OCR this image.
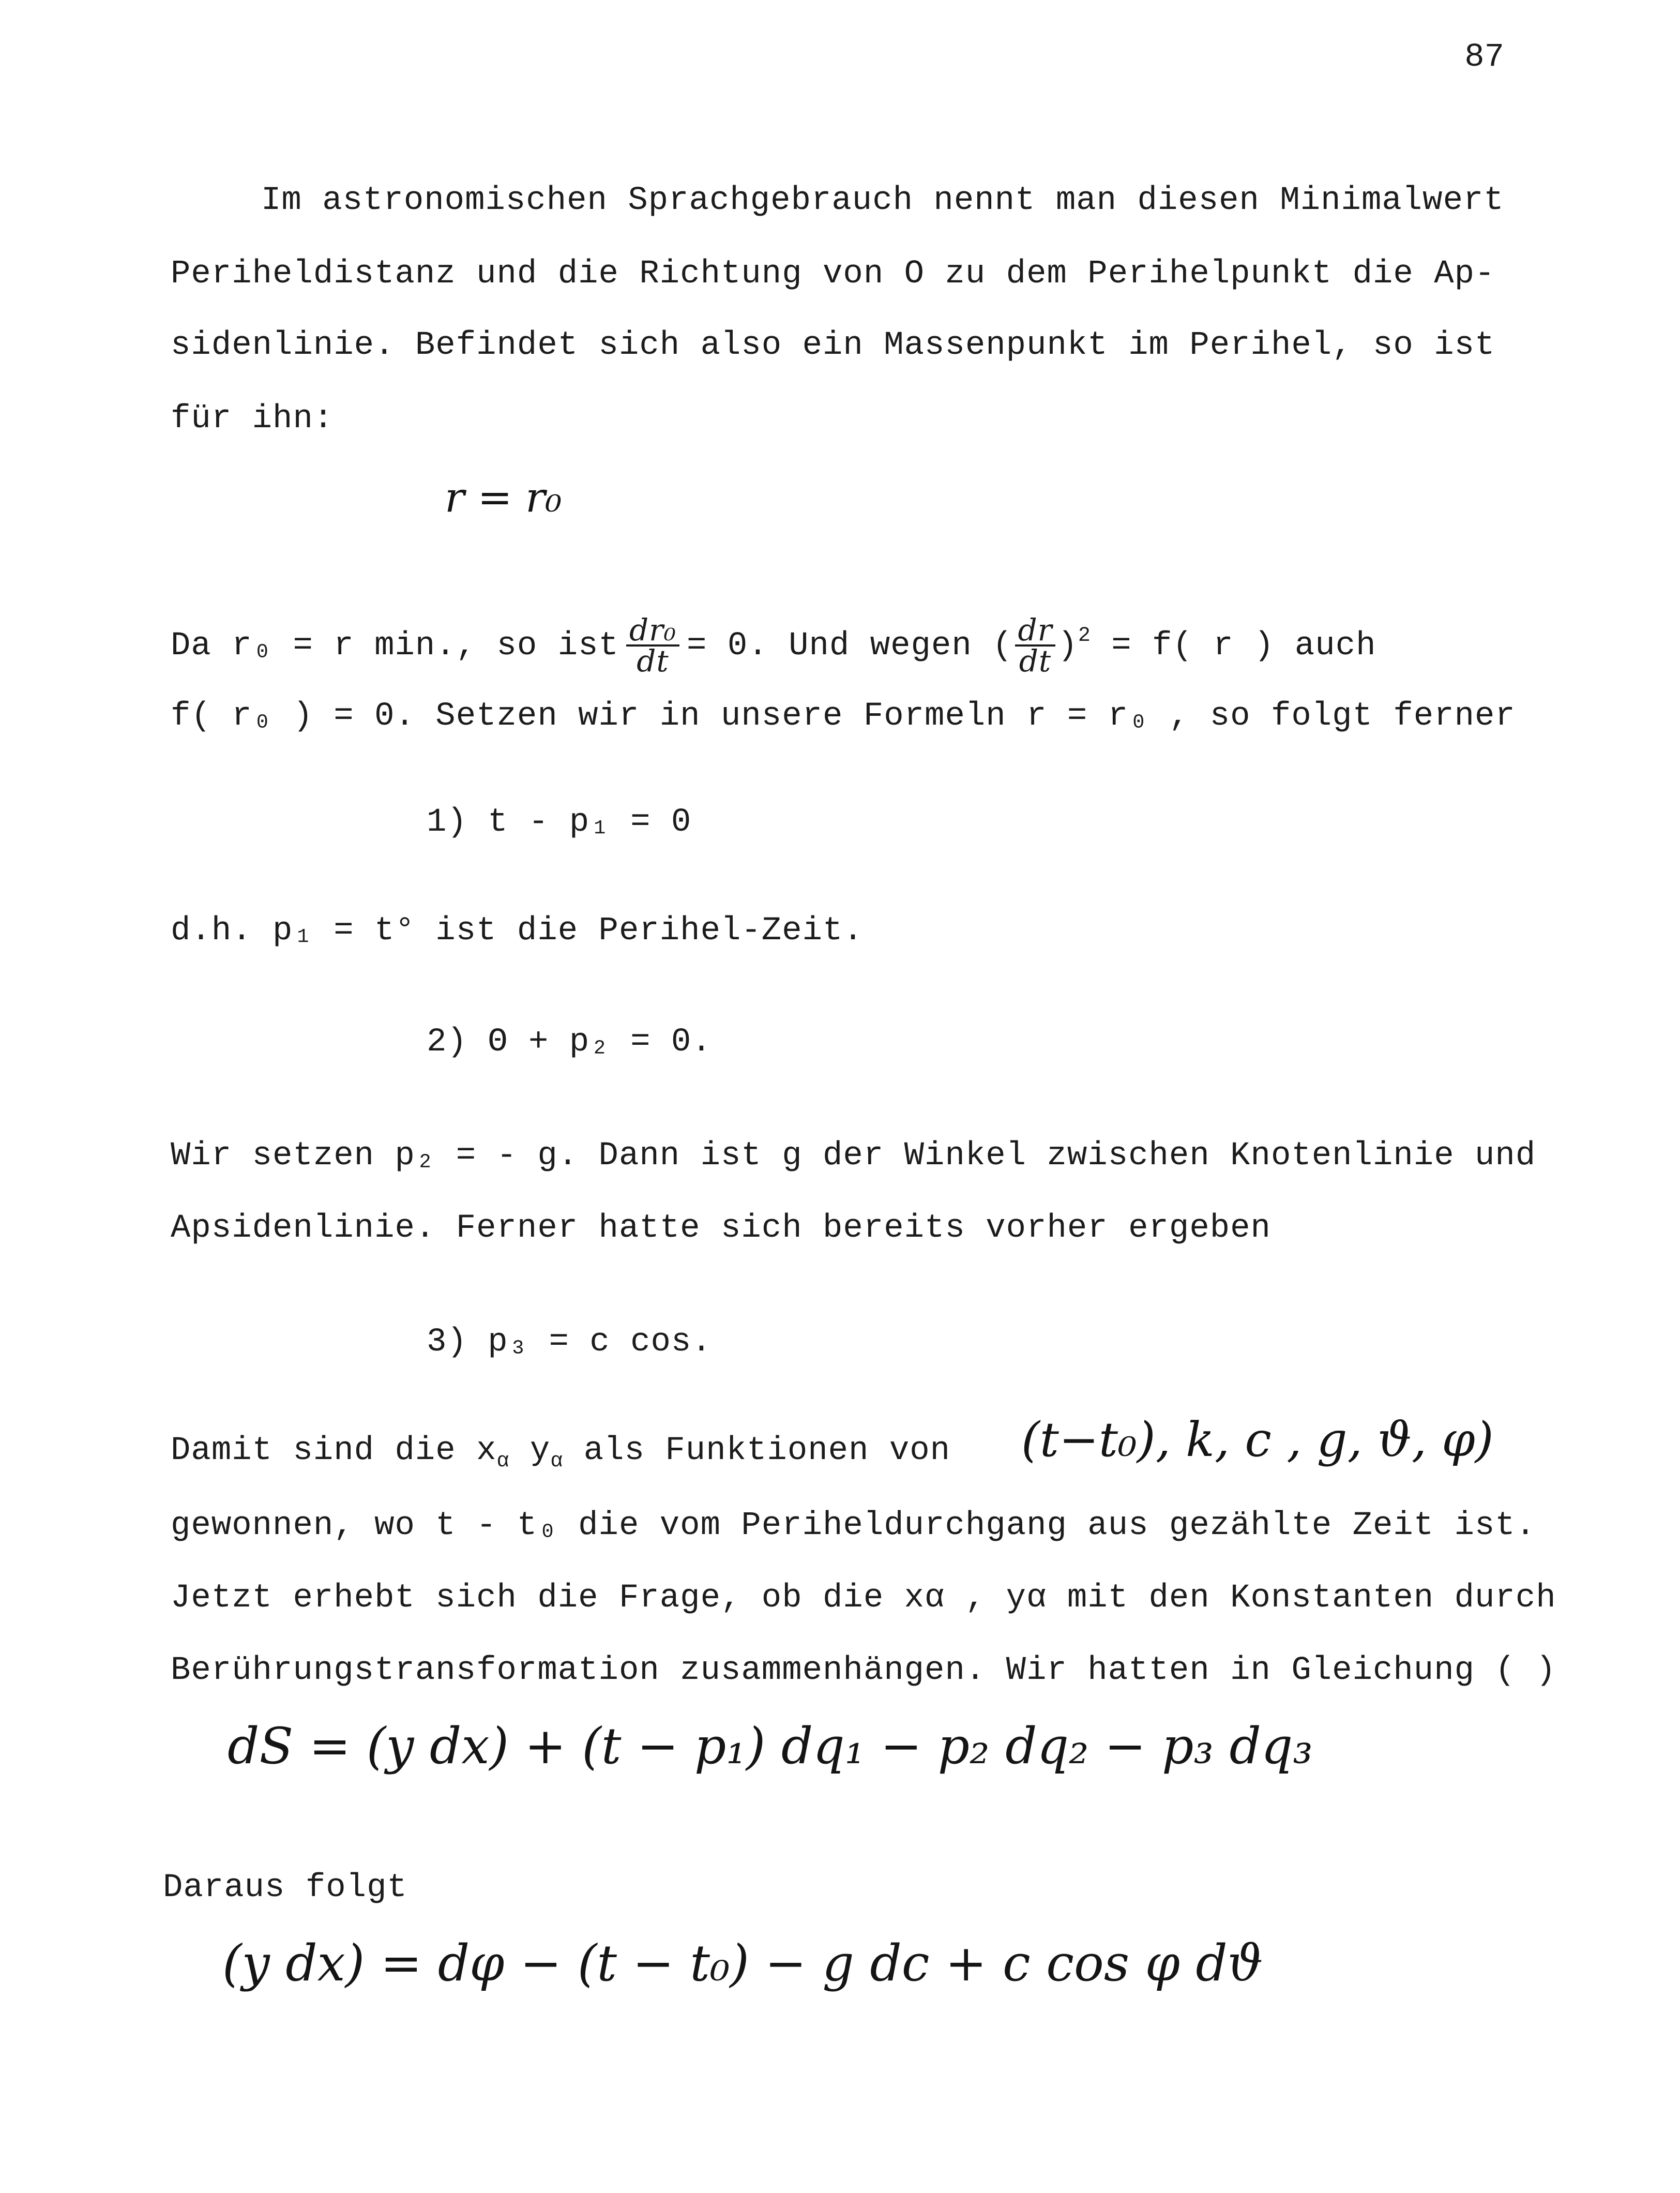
87
Im astronomischen Sprachgebrauch nennt man diesen Minimalwert
Periheldistanz und die Richtung von O zu dem Perihelpunkt die Ap-
sidenlinie. Befindet sich also ein Massenpunkt im Perihel, so ist
für ihn:
r = r₀
Da r₀ = r min., so ist $\frac{\text{dr₀}}{dt} = 0$. Und wegen ( $\frac{dr}{dt} )^2 = f$( r ) auch
f( r₀ ) = 0. Setzen wir in unsere Formeln r = r₀ , so folgt ferner
1) t - p₁ = 0
d.h. p₁ = t° ist die Perihel-Zeit.
2) Θ + p₂ = 0.
Wir setzen p₂ = - g. Dann ist g der Winkel zwischen Knotenlinie und
Apsidenlinie. Ferner hatte sich bereits vorher ergeben
3) p₃ = c cos.
Damit sind die $x_\alpha$ $y_\alpha$ als Funktionen von (t−t₀), k, c , g, ϑ, φ)
gewonnen, wo t - t₀ die vom Periheldurchgang aus gezählte Zeit ist.
Jetzt erhebt sich die Frage, ob die xα , yα mit den Konstanten durch
Berührungstransformation zusammenhängen. Wir hatten in Gleichung ( )
dS = (y dx) + (t − p₁) dq₁ − p₂ dq₂ − p₃ dq₃
Daraus folgt
(y dx) = dφ − (t − t₀) − g dc + c cos φ dϑ
